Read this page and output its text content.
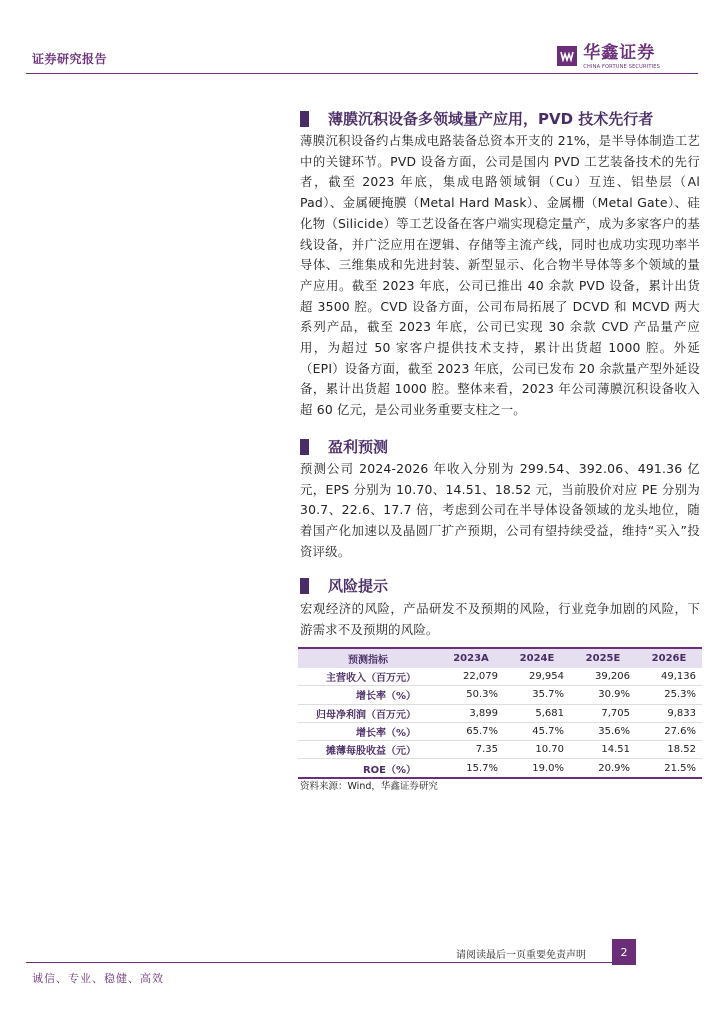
证券研究报告	华鑫证券
CHINA FORTUNE SECURITIES
薄膜沉积设备多领域量产应用，PVD 技术先行者

薄膜沉积设备约占集成电路装备总资本开支的 21%，是半导体制造工艺中的关键环节。PVD 设备方面，公司是国内 PVD 工艺装备技术的先行者，截至 2023 年底，集成电路领域铜（Cu）互连、铝垫层（Al Pad）、金属硬掩膜（Metal Hard Mask）、金属栅（Metal Gate）、硅化物（Silicide）等工艺设备在客户端实现稳定量产，成为多家客户的基线设备，并广泛应用在逻辑、存储等主流产线，同时也成功实现功率半导体、三维集成和先进封装、新型显示、化合物半导体等多个领域的量产应用。截至 2023 年底，公司已推出 40 余款 PVD 设备，累计出货超 3500 腔。CVD 设备方面，公司布局拓展了 DCVD 和 MCVD 两大系列产品，截至 2023 年底，公司已实现 30 余款 CVD 产品量产应用，为超过 50 家客户提供技术支持，累计出货超 1000 腔。外延（EPI）设备方面，截至 2023 年底，公司已发布 20 余款量产型外延设备，累计出货超 1000 腔。整体来看，2023 年公司薄膜沉积设备收入超 60 亿元，是公司业务重要支柱之一。

盈利预测

预测公司 2024-2026 年收入分别为 299.54、392.06、491.36 亿元，EPS 分别为 10.70、14.51、18.52 元，当前股价对应 PE 分别为 30.7、22.6、17.7 倍，考虑到公司在半导体设备领域的龙头地位，随着国产化加速以及晶圆厂扩产预期，公司有望持续受益，维持“买入”投资评级。

风险提示

宏观经济的风险，产品研发不及预期的风险，行业竞争加剧的风险，下游需求不及预期的风险。

预测指标	2023A	2024E	2025E	2026E
主营收入（百万元）	22,079	29,954	39,206	49,136
增长率（%）	50.3%	35.7%	30.9%	25.3%
归母净利润（百万元）	3,899	5,681	7,705	9,833
增长率（%）	65.7%	45.7%	35.6%	27.6%
摊薄每股收益（元）	7.35	10.70	14.51	18.52
ROE（%）	15.7%	19.0%	20.9%	21.5%
资料来源：Wind，华鑫证券研究
请阅读最后一页重要免责声明	2
诚信、专业、稳健、高效
